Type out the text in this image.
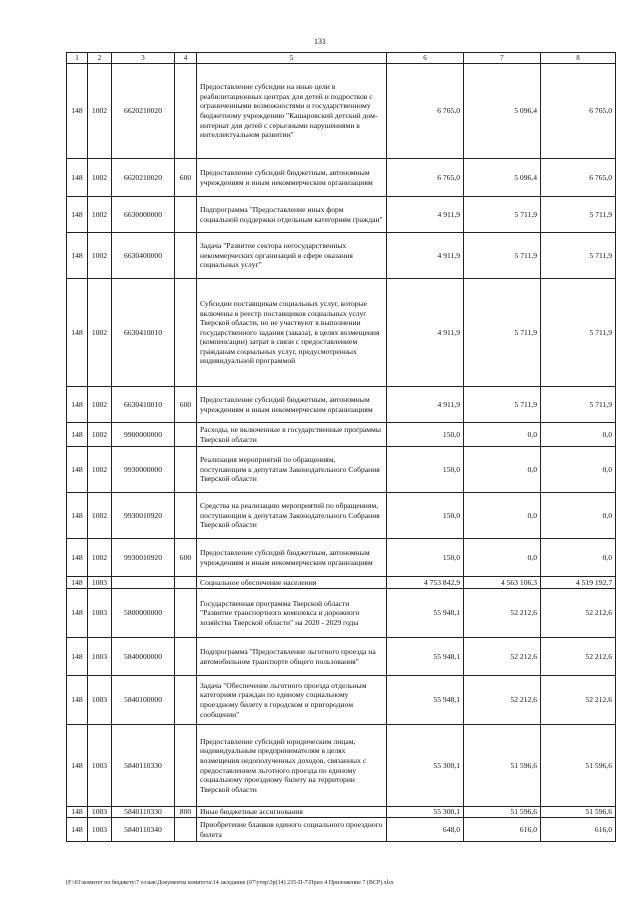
131
1	2	3	4	5	6	7	8
148	1002	6620210020		Предоставление субсидии на иные цели в реабилитационных центрах для детей и подростков с ограниченными возможностями и государственному бюджетному учреждению "Кашаровский детский дом-интернат для детей с серьезными нарушениями в интеллектуальном развитии"	6 765,0	5 096,4	6 765,0
148	1002	6620210020	600	Предоставление субсидий бюджетным, автономным учреждениям и иным некоммерческим организациям	6 765,0	5 096,4	6 765,0
148	1002	6630000000		Подпрограмма "Предоставление иных форм социальной поддержки отдельным категориям граждан"	4 911,9	5 711,9	5 711,9
148	1002	6630400000		Задача "Развитие сектора негосударственных некоммерческих организаций в сфере оказания социальных услуг"	4 911,9	5 711,9	5 711,9
148	1002	6630410010		Субсидии поставщикам социальных услуг, которые включены в реестр поставщиков социальных услуг Тверской области, но не участвуют в выполнении государственного задания (заказа), в целях возмещения (компенсации) затрат в связи с предоставлением гражданам социальных услуг, предусмотренных индивидуальной программой	4 911,9	5 711,9	5 711,9
148	1002	6630410010	600	Предоставление субсидий бюджетным, автономным учреждениям и иным некоммерческим организациям	4 911,9	5 711,9	5 711,9
148	1002	9900000000		Расходы, не включенные в государственные программы Тверской области	150,0	0,0	0,0
148	1002	9930000000		Реализация мероприятий по обращениям, поступающим к депутатам Законодательного Собрания Тверской области	150,0	0,0	0,0
148	1002	9930010920		Средства на реализацию мероприятий по обращениям, поступающим к депутатам Законодательного Собрания Тверской области	150,0	0,0	0,0
148	1002	9930010920	600	Предоставление субсидий бюджетным, автономным учреждениям и иным некоммерческим организациям	150,0	0,0	0,0
148	1003			Социальное обеспечение населения	4 753 842,9	4 563 106,3	4 519 192,7
148	1003	5800000000		Государственная программа Тверской области "Развитие транспортного комплекса и дорожного хозяйства Тверской области" на 2020 - 2029 годы	55 948,1	52 212,6	52 212,6
148	1003	5840000000		Подпрограмма "Предоставление льготного проезда на автомобильном транспорте общего пользования"	55 948,1	52 212,6	52 212,6
148	1003	5840100000		Задача "Обеспечение льготного проезда отдельным категориям граждан по единому социальному проездному билету в городском и пригородном сообщении"	55 948,1	52 212,6	52 212,6
148	1003	5840110330		Предоставление субсидий юридическим лицам, индивидуальным предпринимателям в целях возмещения недополученных доходов, связанных с предоставлением льготного проезда по единому социальному проездному билету на территории Тверской области	55 300,1	51 596,6	51 596,6
148	1003	5840110330	800	Иные бюджетные ассигнования	55 300,1	51 596,6	51 596,6
148	1003	5840110340		Приобретение бланков единого социального проездного билета	648,0	616,0	616,0
(F:\01\комитет по бюджету\7 созыв\Документы комитета\14 заседание (07\утвр\3р(14) 235-П-7\Прил 4 Приложение 7 (ВСР).xlsx
